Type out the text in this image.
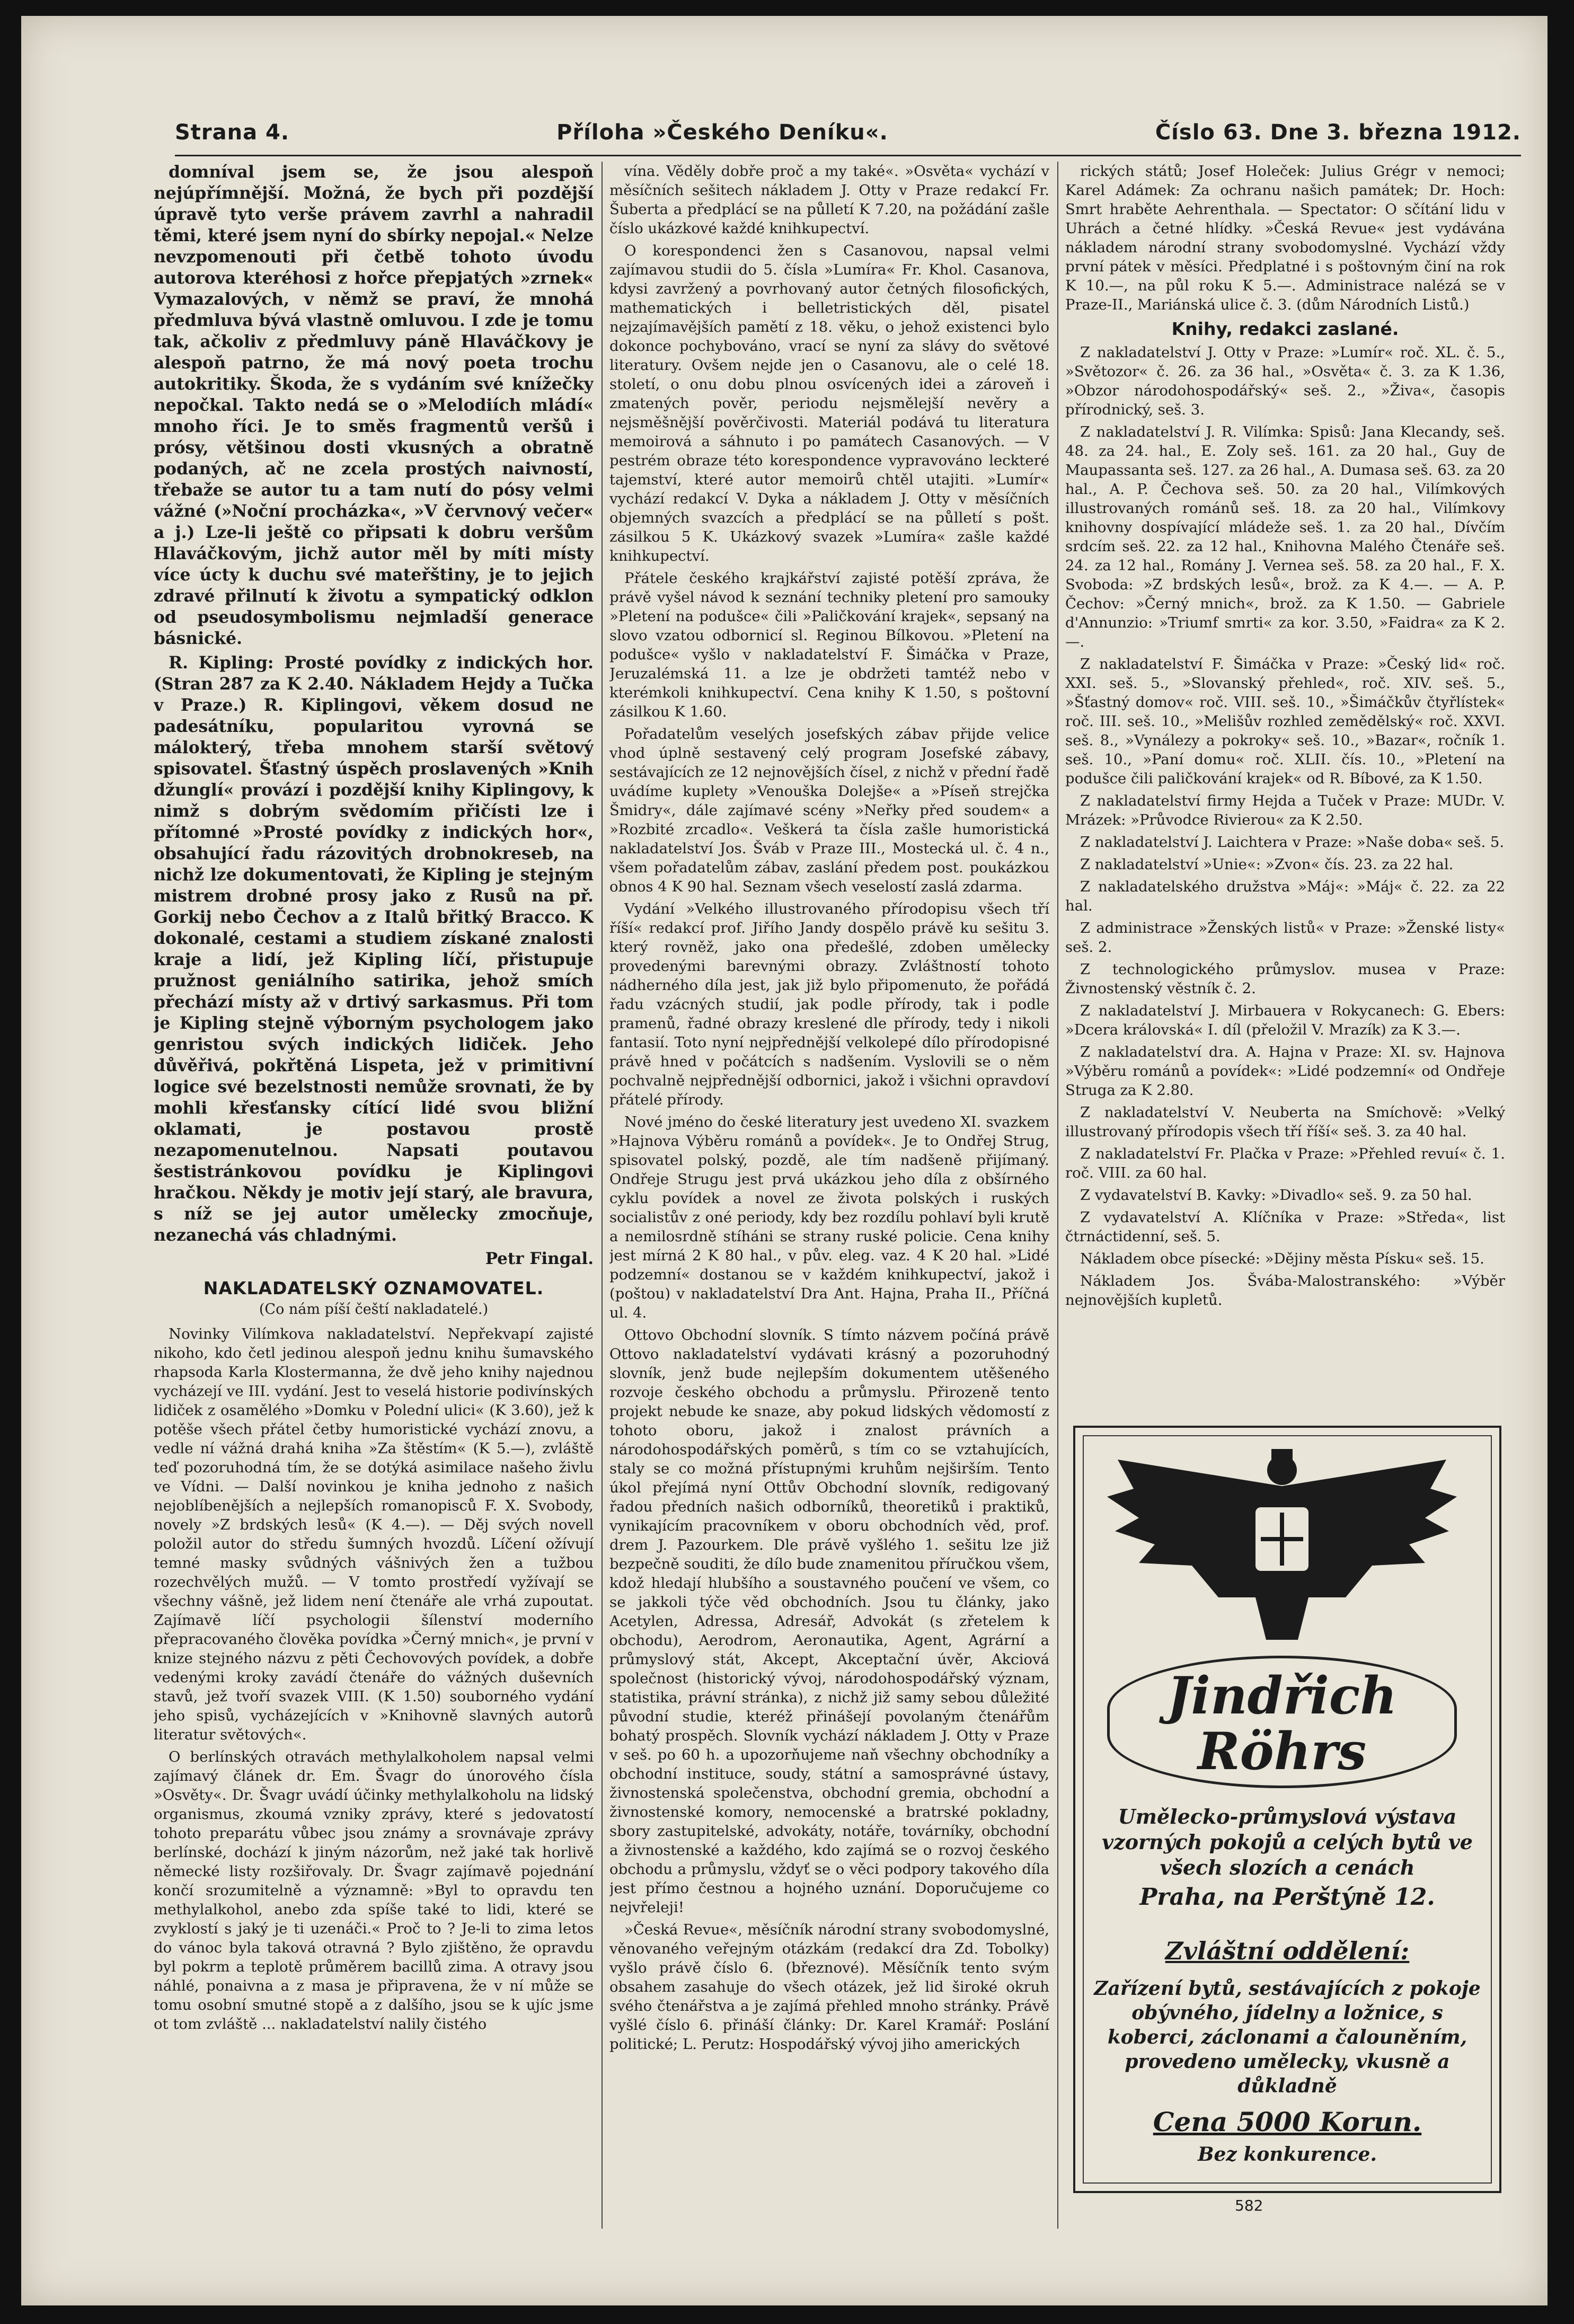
Strana 4.	Příloha »Českého Deníku«.	Číslo 63. Dne 3. března 1912.

domníval jsem se, že jsou alespoň nejúpřímnější. Možná, že bych při pozdější úpravě tyto verše právem zavrhl a nahradil těmi, které jsem nyní do sbírky nepojal.« Nelze nevzpomenouti při četbě tohoto úvodu autorova kteréhosi z hořce přepjatých »zrnek« Vymazalových, v němž se praví, že mnohá předmluva bývá vlastně omluvou. I zde je tomu tak, ačkoliv z předmluvy páně Hlaváčkovy je alespoň patrno, že má nový poeta trochu autokritiky. Škoda, že s vydáním své knížečky nepočkal. Takto nedá se o »Melodiích mládí« mnoho říci. Je to směs fragmentů veršů i prósy, většinou dosti vkusných a obratně podaných, ač ne zcela prostých naivností, třebaže se autor tu a tam nutí do pósy velmi vážné (»Noční procházka«, »V červnový večer« a j.) Lze-li ještě co připsati k dobru veršům Hlaváčkovým, jichž autor měl by míti místy více úcty k duchu své mateřštiny, je to jejich zdravé přilnutí k životu a sympatický odklon od pseudosymbolismu nejmladší generace básnické.

R. Kipling: Prosté povídky z indických hor. (Stran 287 za K 2.40. Nákladem Hejdy a Tučka v Praze.) R. Kiplingovi, věkem dosud ne padesátníku, popularitou vyrovná se málokterý, třeba mnohem starší světový spisovatel. Šťastný úspěch proslavených »Knih džunglí« provází i pozdější knihy Kiplingovy, k nimž s dobrým svědomím přičísti lze i přítomné »Prosté povídky z indických hor«, obsahující řadu rázovitých drobnokreseb, na nichž lze dokumentovati, že Kipling je stejným mistrem drobné prosy jako z Rusů na př. Gorkij nebo Čechov a z Italů břitký Bracco. K dokonalé, cestami a studiem získané znalosti kraje a lidí, jež Kipling líčí, přistupuje pružnost geniálního satirika, jehož smích přechází místy až v drtivý sarkasmus. Při tom je Kipling stejně výborným psychologem jako genristou svých indických lidiček. Jeho důvěřivá, pokřtěná Lispeta, jež v primitivní logice své bezelstnosti nemůže srovnati, že by mohli křesťansky cítící lidé svou bližní oklamati, je postavou prostě nezapomenutelnou. Napsati poutavou šestistránkovou povídku je Kiplingovi hračkou. Někdy je motiv její starý, ale bravura, s níž se jej autor umělecky zmocňuje, nezanechá vás chladnými.

Petr Fingal.
NAKLADATELSKÝ OZNAMOVATEL.
(Co nám píší čeští nakladatelé.)

Novinky Vilímkova nakladatelství. Nepřekvapí zajisté nikoho, kdo četl jedinou alespoň jednu knihu šumavského rhapsoda Karla Klostermanna, že dvě jeho knihy najednou vycházejí ve III. vydání. Jest to veselá historie podivínských lidiček z osamělého »Domku v Polední ulici« (K 3.60), jež k potěše všech přátel četby humoristické vychází znovu, a vedle ní vážná drahá kniha »Za štěstím« (K 5.—), zvláště teď pozoruhodná tím, že se dotýká asimilace našeho živlu ve Vídni. — Další novinkou je kniha jednoho z našich nejoblíbenějších a nejlepších romanopisců F. X. Svobody, novely »Z brdských lesů« (K 4.—). — Děj svých novell položil autor do středu šumných hvozdů. Líčení ožívují temné masky svůdných vášnivých žen a tužbou rozechvělých mužů. — V tomto prostředí vyžívají se všechny vášně, jež lidem není čtenáře ale vrhá zupoutat. Zajímavě líčí psychologii šílenství moderního přepracovaného člověka povídka »Černý mnich«, je první v knize stejného názvu z pěti Čechovových povídek, a dobře vedenými kroky zavádí čtenáře do vážných duševních stavů, jež tvoří svazek VIII. (K 1.50) souborného vydání jeho spisů, vycházejících v »Knihovně slavných autorů literatur světových«.

O berlínských otravách methylalkoholem napsal velmi zajímavý článek dr. Em. Švagr do únorového čísla »Osvěty«. Dr. Švagr uvádí účinky methylalkoholu na lidský organismus, zkoumá vzniky zprávy, které s jedovatostí tohoto preparátu vůbec jsou známy a srovnávaje zprávy berlínské, dochází k jiným názorům, než jaké tak horlivě německé listy rozšiřovaly. Dr. Švagr zajímavě pojednání končí srozumitelně a významně: »Byl to opravdu ten methylalkohol, anebo zda spíše také to lidi, které se zvyklostí s jaký je ti uzenáči.« Proč to ? Je-li to zima letos do vánoc byla taková otravná ? Bylo zjištěno, že opravdu byl pokrm a teplotě průměrem bacillů zima. A otravy jsou náhlé, ponaivna a z masa je připravena, že v ní může se tomu osobní smutné stopě a z dalšího, jsou se k ujíc jsme ot tom zvláště ... nakladatelství nalily čistého

vína. Věděly dobře proč a my také«. »Osvěta« vychází v měsíčních sešitech nákladem J. Otty v Praze redakcí Fr. Šuberta a předplácí se na půlletí K 7.20, na požádání zašle číslo ukázkové každé knihkupectví.

O korespondenci žen s Casanovou, napsal velmi zajímavou studii do 5. čísla »Lumíra« Fr. Khol. Casanova, kdysi zavržený a povrhovaný autor četných filosofických, mathematických i belletristických děl, pisatel nejzajímavějších pamětí z 18. věku, o jehož existenci bylo dokonce pochybováno, vrací se nyní za slávy do světové literatury. Ovšem nejde jen o Casanovu, ale o celé 18. století, o onu dobu plnou osvícených idei a zároveň i zmatených pověr, periodu nejsmělejší nevěry a nejsměšnější pověrčivosti. Materiál podává tu literatura memoirová a sáhnuto i po památech Casanových. — V pestrém obraze této korespondence vypravováno leckteré tajemství, které autor memoirů chtěl utajiti. »Lumír« vychází redakcí V. Dyka a nákladem J. Otty v měsíčních objemných svazcích a předplácí se na půlletí s pošt. zásilkou 5 K. Ukázkový svazek »Lumíra« zašle každé knihkupectví.

Přátele českého krajkářství zajisté potěší zpráva, že právě vyšel návod k seznání techniky pletení pro samouky »Pletení na podušce« čili »Paličkování krajek«, sepsaný na slovo vzatou odbornicí sl. Reginou Bílkovou. »Pletení na podušce« vyšlo v nakladatelství F. Šimáčka v Praze, Jeruzalémská 11. a lze je obdržeti tamtéž nebo v kterémkoli knihkupectví. Cena knihy K 1.50, s poštovní zásilkou K 1.60.

Pořadatelům veselých josefských zábav přijde velice vhod úplně sestavený celý program Josefské zábavy, sestávajících ze 12 nejnovějších čísel, z nichž v přední řadě uvádíme kuplety »Venouška Dolejše« a »Píseň strejčka Šmidry«, dále zajímavé scény »Neřky před soudem« a »Rozbité zrcadlo«. Veškerá ta čísla zašle humoristická nakladatelství Jos. Šváb v Praze III., Mostecká ul. č. 4 n., všem pořadatelům zábav, zaslání předem post. poukázkou obnos 4 K 90 hal. Seznam všech veselostí zaslá zdarma.

Vydání »Velkého illustrovaného přírodopisu všech tří říší« redakcí prof. Jiřího Jandy dospělo právě ku sešitu 3. který rovněž, jako ona předešlé, zdoben umělecky provedenými barevnými obrazy. Zvláštností tohoto nádherného díla jest, jak již bylo připomenuto, že pořádá řadu vzácných studií, jak podle přírody, tak i podle pramenů, řadné obrazy kreslené dle přírody, tedy i nikoli fantasií. Toto nyní nejpřednější velkolepé dílo přírodopisné právě hned v počátcích s nadšením. Vyslovili se o něm pochvalně nejpřednější odbornici, jakož i všichni opravdoví přátelé přírody.

Nové jméno do české literatury jest uvedeno XI. svazkem »Hajnova Výběru románů a povídek«. Je to Ondřej Strug, spisovatel polský, pozdě, ale tím nadšeně přijímaný. Ondřeje Strugu jest prvá ukázkou jeho díla z obšírného cyklu povídek a novel ze života polských i ruských socialistův z oné periody, kdy bez rozdílu pohlaví byli krutě a nemilosrdně stíháni se strany ruské policie. Cena knihy jest mírná 2 K 80 hal., v pův. eleg. vaz. 4 K 20 hal. »Lidé podzemní« dostanou se v každém knihkupectví, jakož i (poštou) v nakladatelství Dra Ant. Hajna, Praha II., Příčná ul. 4.

Ottovo Obchodní slovník. S tímto názvem počíná právě Ottovo nakladatelství vydávati krásný a pozoruhodný slovník, jenž bude nejlepším dokumentem utěšeného rozvoje českého obchodu a průmyslu. Přirozeně tento projekt nebude ke snaze, aby pokud lidských vědomostí z tohoto oboru, jakož i znalost právních a národohospodářských poměrů, s tím co se vztahujících, staly se co možná přístupnými kruhům nejširším. Tento úkol přejímá nyní Ottův Obchodní slovník, redigovaný řadou předních našich odborníků, theoretiků i praktiků, vynikajícím pracovníkem v oboru obchodních věd, prof. drem J. Pazourkem. Dle právě vyšlého 1. sešitu lze již bezpečně souditi, že dílo bude znamenitou příručkou všem, kdož hledají hlubšího a soustavného poučení ve všem, co se jakkoli týče věd obchodních. Jsou tu články, jako Acetylen, Adressa, Adresář, Advokát (s zřetelem k obchodu), Aerodrom, Aeronautika, Agent, Agrární a průmyslový stát, Akcept, Akceptační úvěr, Akciová společnost (historický vývoj, národohospodářský význam, statistika, právní stránka), z nichž již samy sebou důležité původní studie, kteréž přinášejí povolaným čtenářům bohatý prospěch. Slovník vychází nákladem J. Otty v Praze v seš. po 60 h. a upozorňujeme naň všechny obchodníky a obchodní instituce, soudy, státní a samosprávné ústavy, živnostenská společenstva, obchodní gremia, obchodní a živnostenské komory, nemocenské a bratrské pokladny, sbory zastupitelské, advokáty, notáře, továrníky, obchodní a živnostenské a každého, kdo zajímá se o rozvoj českého obchodu a průmyslu, vždyť se o věci podpory takového díla jest přímo čestnou a hojného uznání. Doporučujeme co nejvřeleji!

»Česká Revue«, měsíčník národní strany svobodomyslné, věnovaného veřejným otázkám (redakcí dra Zd. Tobolky) vyšlo právě číslo 6. (březnové). Měsíčník tento svým obsahem zasahuje do všech otázek, jež lid široké okruh svého čtenářstva a je zajímá přehled mnoho stránky. Právě vyšlé číslo 6. přináší články: Dr. Karel Kramář: Poslání politické; L. Perutz: Hospodářský vývoj jiho amerických

rických států; Josef Holeček: Julius Grégr v nemoci; Karel Adámek: Za ochranu našich památek; Dr. Hoch: Smrt hraběte Aehrenthala. — Spectator: O sčítání lidu v Uhrách a četné hlídky. »Česká Revue« jest vydávána nákladem národní strany svobodomyslné. Vychází vždy první pátek v měsíci. Předplatné i s poštovným činí na rok K 10.—, na půl roku K 5.—. Administrace nalézá se v Praze-II., Mariánská ulice č. 3. (dům Národních Listů.)

Knihy, redakci zaslané.

Z nakladatelství J. Otty v Praze: »Lumír« roč. XL. č. 5., »Světozor« č. 26. za 36 hal., »Osvěta« č. 3. za K 1.36, »Obzor národohospodářský« seš. 2., »Živa«, časopis přírodnický, seš. 3.

Z nakladatelství J. R. Vilímka: Spisů: Jana Klecandy, seš. 48. za 24. hal., E. Zoly seš. 161. za 20 hal., Guy de Maupassanta seš. 127. za 26 hal., A. Dumasa seš. 63. za 20 hal., A. P. Čechova seš. 50. za 20 hal., Vilímkových illustrovaných románů seš. 18. za 20 hal., Vilímkovy knihovny dospívající mládeže seš. 1. za 20 hal., Dívčím srdcím seš. 22. za 12 hal., Knihovna Malého Čtenáře seš. 24. za 12 hal., Romány J. Vernea seš. 58. za 20 hal., F. X. Svoboda: »Z brdských lesů«, brož. za K 4.—. — A. P. Čechov: »Černý mnich«, brož. za K 1.50. — Gabriele d'Annunzio: »Triumf smrti« za kor. 3.50, »Faidra« za K 2.—.

Z nakladatelství F. Šimáčka v Praze: »Český lid« roč. XXI. seš. 5., »Slovanský přehled«, roč. XIV. seš. 5., »Šťastný domov« roč. VIII. seš. 10., »Šimáčkův čtyřlístek« roč. III. seš. 10., »Melišův rozhled zemědělský« roč. XXVI. seš. 8., »Vynálezy a pokroky« seš. 10., »Bazar«, ročník 1. seš. 10., »Paní domu« roč. XLII. čís. 10., »Pletení na podušce čili paličkování krajek« od R. Bíbové, za K 1.50.

Z nakladatelství firmy Hejda a Tuček v Praze: MUDr. V. Mrázek: »Průvodce Rivierou« za K 2.50.

Z nakladatelství J. Laichtera v Praze: »Naše doba« seš. 5.

Z nakladatelství »Unie«: »Zvon« čís. 23. za 22 hal.

Z nakladatelského družstva »Máj«: »Máj« č. 22. za 22 hal.

Z administrace »Ženských listů« v Praze: »Ženské listy« seš. 2.

Z technologického průmyslov. musea v Praze: Živnostenský věstník č. 2.

Z nakladatelství J. Mirbauera v Rokycanech: G. Ebers: »Dcera královská« I. díl (přeložil V. Mrazík) za K 3.—.

Z nakladatelství dra. A. Hajna v Praze: XI. sv. Hajnova »Výběru románů a povídek«: »Lidé podzemní« od Ondřeje Struga za K 2.80.

Z nakladatelství V. Neuberta na Smíchově: »Velký illustrovaný přírodopis všech tří říší« seš. 3. za 40 hal.

Z nakladatelství Fr. Plačka v Praze: »Přehled revuí« č. 1. roč. VIII. za 60 hal.

Z vydavatelství B. Kavky: »Divadlo« seš. 9. za 50 hal.

Z vydavatelství A. Klíčníka v Praze: »Středa«, list čtrnáctidenní, seš. 5.

Nákladem obce písecké: »Dějiny města Písku« seš. 15.

Nákladem Jos. Švába-Malostranského: »Výběr nejnovějších kupletů.

Jindřich Röhrs
Umělecko-průmyslová výstava vzorných pokojů a celých bytů ve všech slozích a cenách
Praha, na Perštýně 12.
Zvláštní oddělení:
Zařízení bytů, sestávajících z pokoje obývného, jídelny a ložnice, s koberci, záclonami a čalouněním, provedeno umělecky, vkusně a důkladně
Cena 5000 Korun.
Bez konkurence.
582
